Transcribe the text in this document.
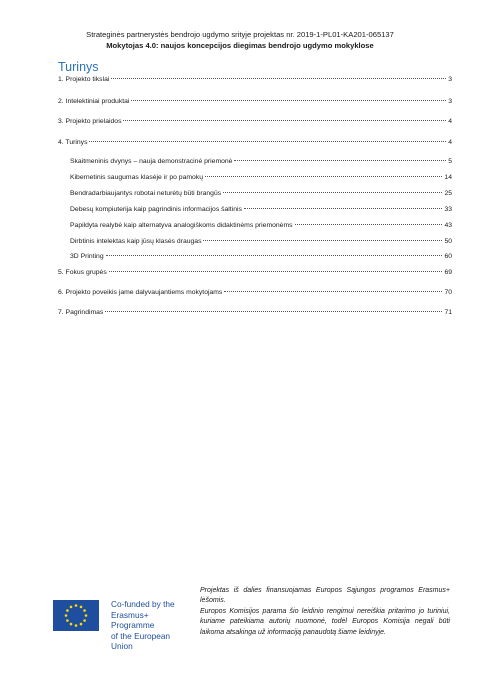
Strateginės partnerystės bendrojo ugdymo srityje projektas nr. 2019-1-PL01-KA201-065137
Mokytojas 4.0: naujos koncepcijos diegimas bendrojo ugdymo mokyklose
Turinys
1. Projekto tikslai	3
2. Intelektiniai produktai	3
3. Projekto prielaidos	4
4. Turinys	4
Skaitmeninis dvynys – nauja demonstracinė priemonė	5
Kibernetinis saugumas klasėje ir po pamokų	14
Bendradarbiaujantys robotai neturėtų būti brangūs	25
Debesų kompiuterija kaip pagrindinis informacijos šaltinis	33
Papildyta realybė kaip alternatyva analogiškoms didaktinėms priemonėms	43
Dirbtinis intelektas kaip jūsų klasės draugas	50
3D Printing	60
5. Fokus grupės	69
6. Projekto poveikis jame dalyvaujantiems mokytojams	70
7. Pagrindimas	71
Co-funded by the
Erasmus+ Programme
of the European Union

Projektas iš dalies finansuojamas Europos Sąjungos programos Erasmus+ lėšomis.

Europos Komisijos parama šio leidinio rengimui nereiškia pritarimo jo turiniui, kuriame pateikiama autorių nuomonė, todėl Europos Komisija negali būti laikoma atsakinga už informaciją panaudotą šiame leidinyje.
